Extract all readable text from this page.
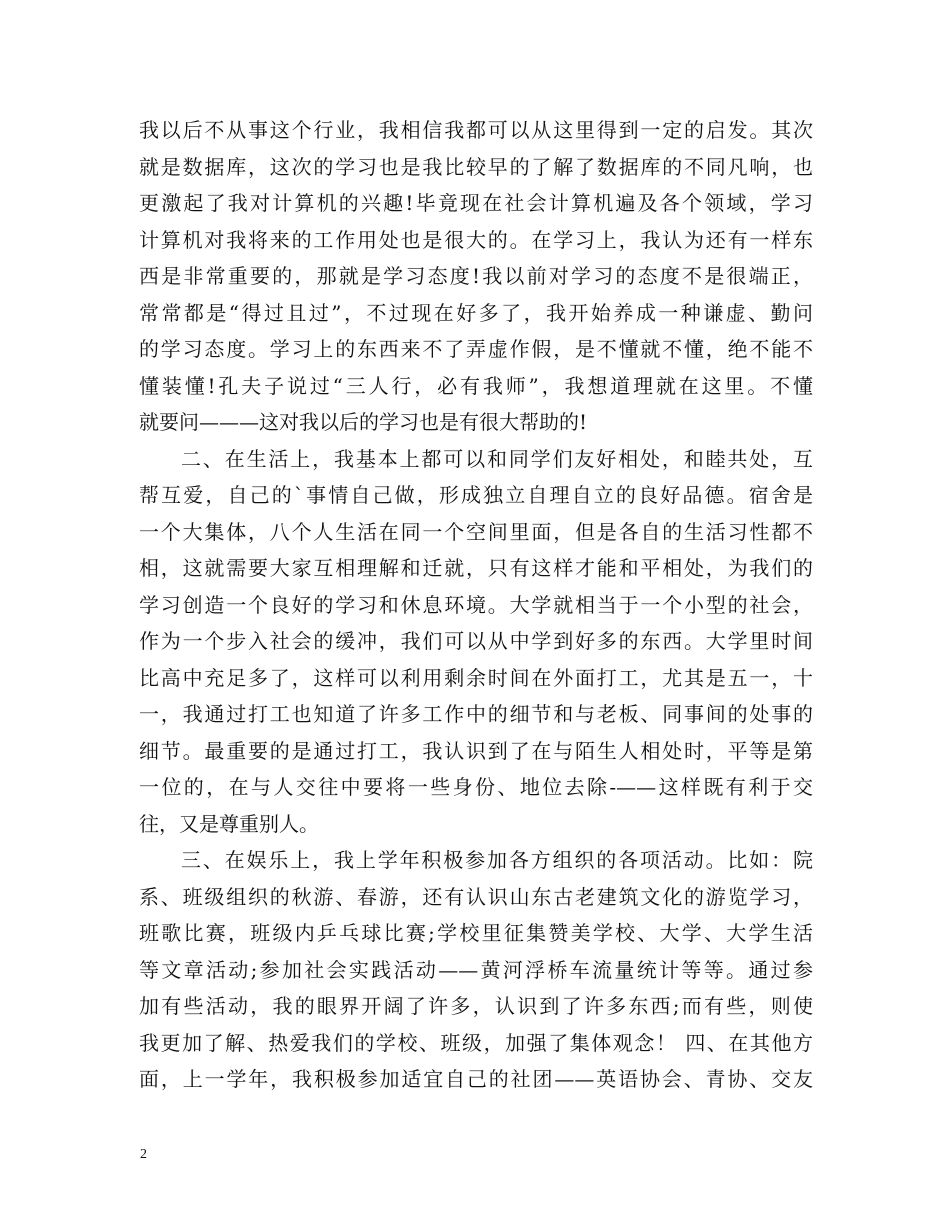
我以后不从事这个行业，我相信我都可以从这里得到一定的启发。其次
就是数据库，这次的学习也是我比较早的了解了数据库的不同凡响，也
更激起了我对计算机的兴趣!毕竟现在社会计算机遍及各个领域，学习
计算机对我将来的工作用处也是很大的。在学习上，我认为还有一样东
西是非常重要的，那就是学习态度!我以前对学习的态度不是很端正，
常常都是“得过且过”，不过现在好多了，我开始养成一种谦虚、勤问
的学习态度。学习上的东西来不了弄虚作假，是不懂就不懂，绝不能不
懂装懂!孔夫子说过“三人行，必有我师”，我想道理就在这里。不懂
就要问———这对我以后的学习也是有很大帮助的!
二、在生活上，我基本上都可以和同学们友好相处，和睦共处，互
帮互爱，自己的`事情自己做，形成独立自理自立的良好品德。宿舍是
一个大集体，八个人生活在同一个空间里面，但是各自的生活习性都不
相，这就需要大家互相理解和迁就，只有这样才能和平相处，为我们的
学习创造一个良好的学习和休息环境。大学就相当于一个小型的社会，
作为一个步入社会的缓冲，我们可以从中学到好多的东西。大学里时间
比高中充足多了，这样可以利用剩余时间在外面打工，尤其是五一，十
一，我通过打工也知道了许多工作中的细节和与老板、同事间的处事的
细节。最重要的是通过打工，我认识到了在与陌生人相处时，平等是第
一位的，在与人交往中要将一些身份、地位去除-——这样既有利于交
往，又是尊重别人。
三、在娱乐上，我上学年积极参加各方组织的各项活动。比如：院
系、班级组织的秋游、春游，还有认识山东古老建筑文化的游览学习，
班歌比赛，班级内乒乓球比赛;学校里征集赞美学校、大学、大学生活
等文章活动;参加社会实践活动——黄河浮桥车流量统计等等。通过参
加有些活动，我的眼界开阔了许多，认识到了许多东西;而有些，则使
我更加了解、热爱我们的学校、班级，加强了集体观念！ 四、在其他方
面，上一学年，我积极参加适宜自己的社团——英语协会、青协、交友
2
